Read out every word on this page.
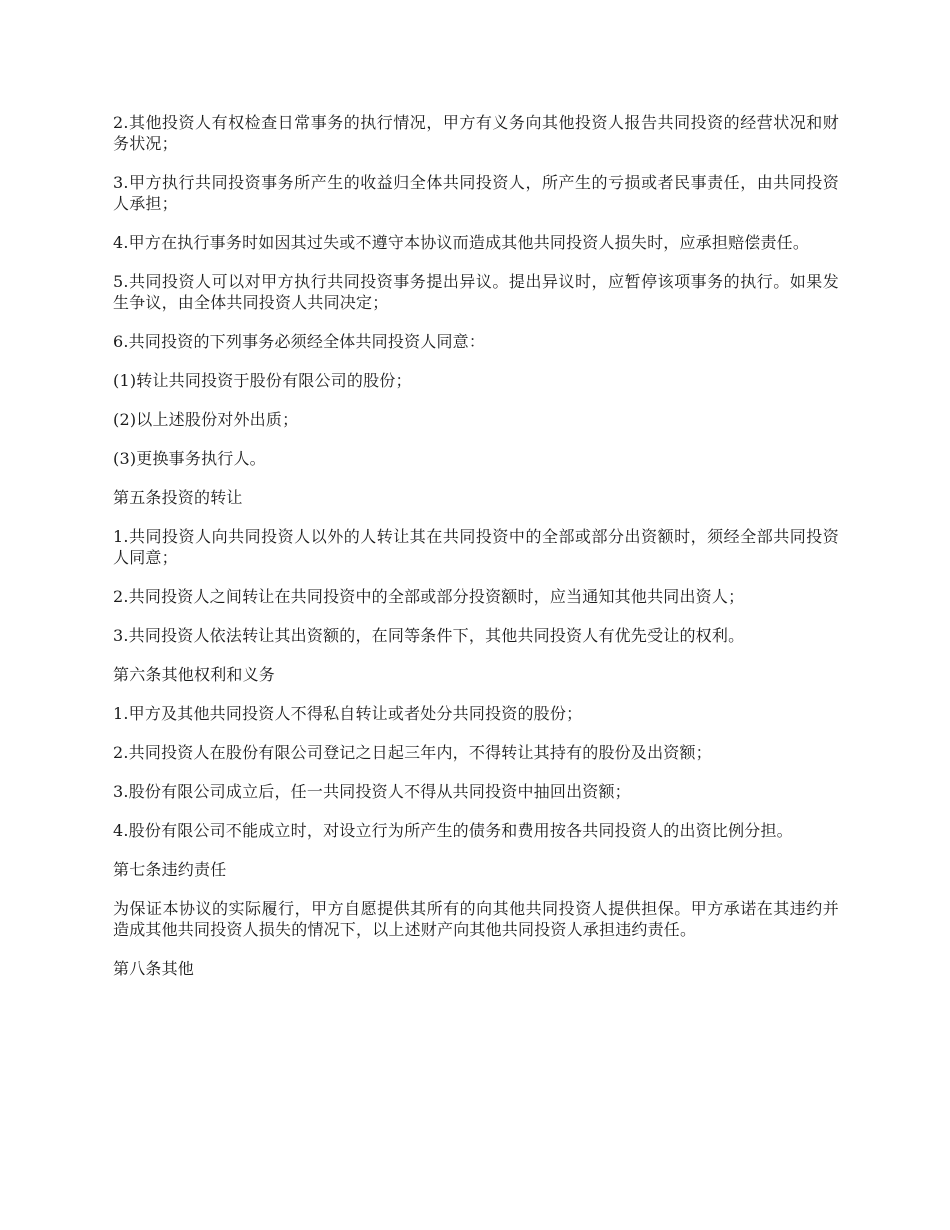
2.其他投资人有权检查日常事务的执行情况，甲方有义务向其他投资人报告共同投资的经营状况和财务状况；

3.甲方执行共同投资事务所产生的收益归全体共同投资人，所产生的亏损或者民事责任，由共同投资人承担；

4.甲方在执行事务时如因其过失或不遵守本协议而造成其他共同投资人损失时，应承担赔偿责任。

5.共同投资人可以对甲方执行共同投资事务提出异议。提出异议时，应暂停该项事务的执行。如果发生争议，由全体共同投资人共同决定；

6.共同投资的下列事务必须经全体共同投资人同意：

(1)转让共同投资于股份有限公司的股份；

(2)以上述股份对外出质；

(3)更换事务执行人。

第五条投资的转让

1.共同投资人向共同投资人以外的人转让其在共同投资中的全部或部分出资额时，须经全部共同投资人同意；

2.共同投资人之间转让在共同投资中的全部或部分投资额时，应当通知其他共同出资人；

3.共同投资人依法转让其出资额的，在同等条件下，其他共同投资人有优先受让的权利。

第六条其他权利和义务

1.甲方及其他共同投资人不得私自转让或者处分共同投资的股份；

2.共同投资人在股份有限公司登记之日起三年内，不得转让其持有的股份及出资额；

3.股份有限公司成立后，任一共同投资人不得从共同投资中抽回出资额；

4.股份有限公司不能成立时，对设立行为所产生的债务和费用按各共同投资人的出资比例分担。

第七条违约责任

为保证本协议的实际履行，甲方自愿提供其所有的向其他共同投资人提供担保。甲方承诺在其违约并造成其他共同投资人损失的情况下，以上述财产向其他共同投资人承担违约责任。

第八条其他
